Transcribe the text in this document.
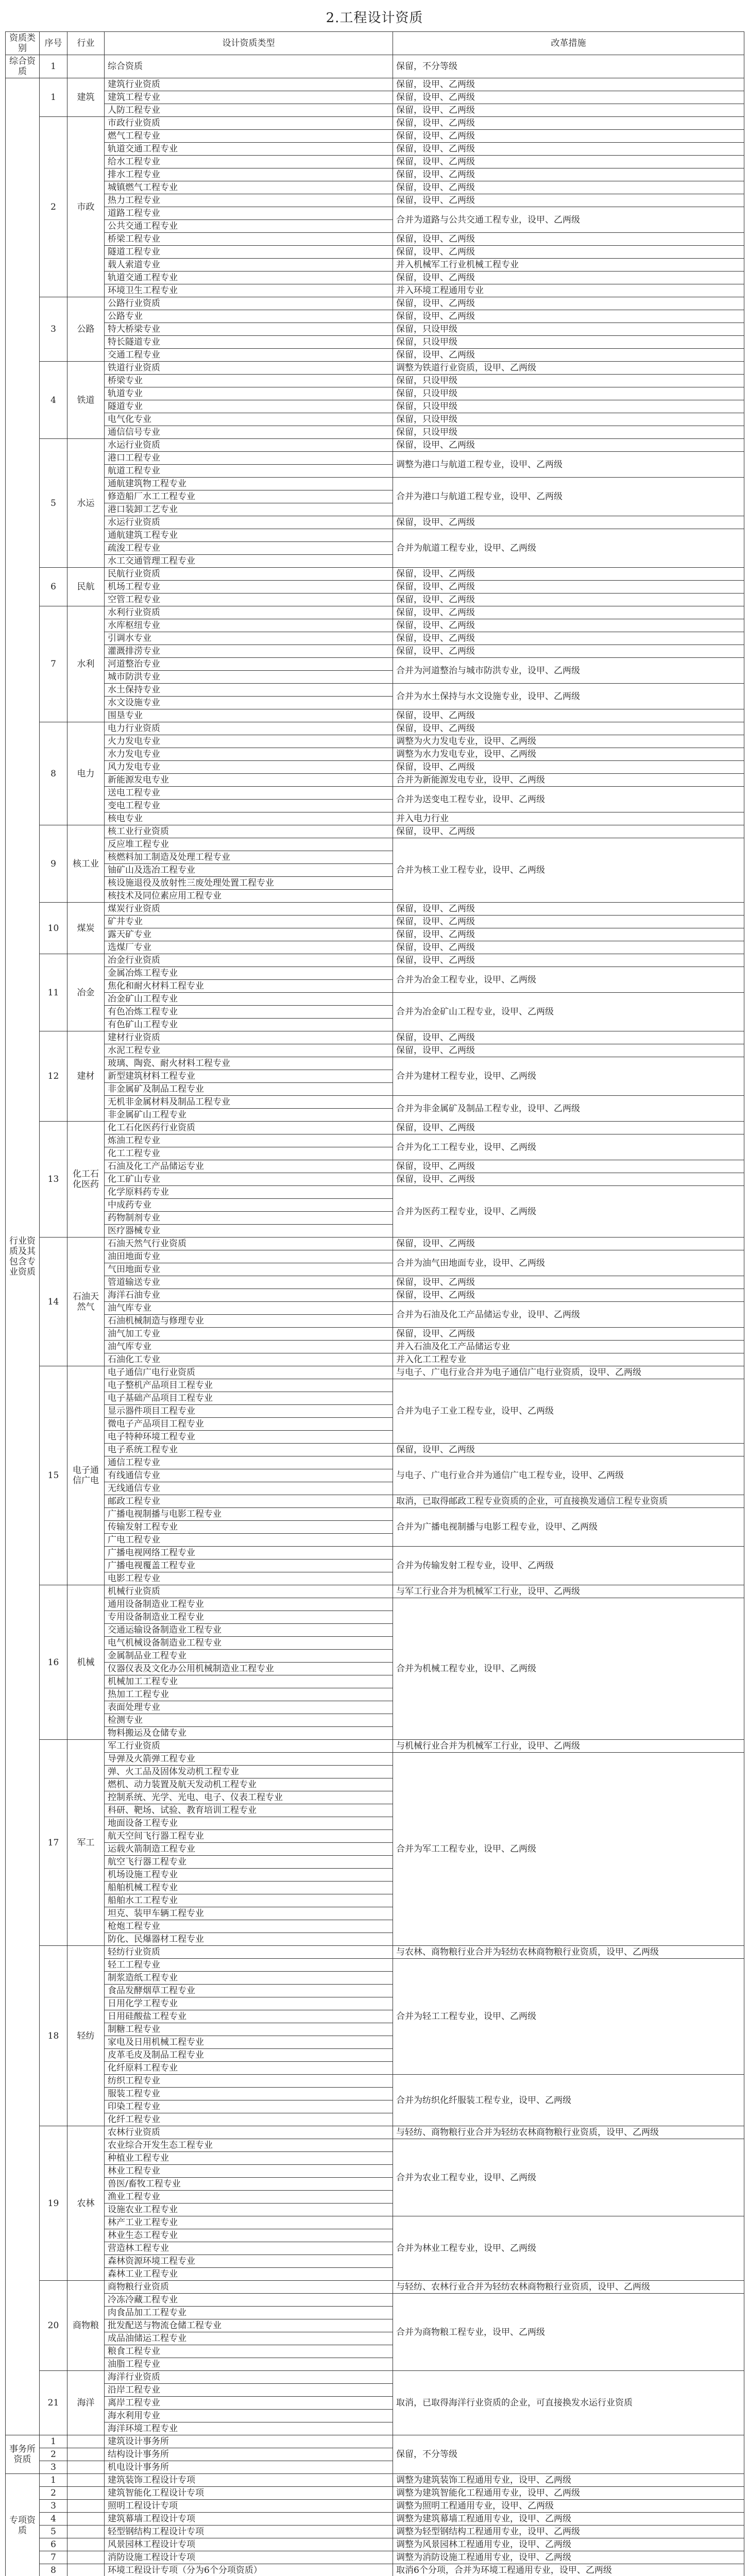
2.工程设计资质
资质类别	序号	行业	设计资质类型	改革措施
综合资质	1		综合资质	保留，不分等级
行业资质及其包含专业资质	1	建筑	建筑行业资质	保留，设甲、乙两级
			建筑工程专业	保留，设甲、乙两级
			人防工程专业	保留，设甲、乙两级
	2	市政	市政行业资质	保留，设甲、乙两级
			燃气工程专业	保留，设甲、乙两级
			轨道交通工程专业	保留，设甲、乙两级
			给水工程专业	保留，设甲、乙两级
			排水工程专业	保留，设甲、乙两级
			城镇燃气工程专业	保留，设甲、乙两级
			热力工程专业	保留，设甲、乙两级
			道路工程专业	合并为道路与公共交通工程专业，设甲、乙两级
			公共交通工程专业	
			桥梁工程专业	保留，设甲、乙两级
			隧道工程专业	保留，设甲、乙两级
			载人索道专业	并入机械军工行业机械工程专业
			轨道交通工程专业	保留，设甲、乙两级
			环境卫生工程专业	并入环境工程通用专业
	3	公路	公路行业资质	保留，设甲、乙两级
			公路专业	保留，设甲、乙两级
			特大桥梁专业	保留，只设甲级
			特长隧道专业	保留，只设甲级
			交通工程专业	保留，设甲、乙两级
	4	铁道	铁道行业资质	调整为铁道行业资质，设甲、乙两级
			桥梁专业	保留，只设甲级
			轨道专业	保留，只设甲级
			隧道专业	保留，只设甲级
			电气化专业	保留，只设甲级
			通信信号专业	保留，只设甲级
	5	水运	水运行业资质	保留，设甲、乙两级
			港口工程专业	调整为港口与航道工程专业，设甲、乙两级
			航道工程专业	
			通航建筑物工程专业	合并为港口与航道工程专业，设甲、乙两级
			修造船厂水工工程专业	
			港口装卸工艺专业	
			水运行业资质	保留，设甲、乙两级
			通航建筑工程专业	合并为航道工程专业，设甲、乙两级
			疏浚工程专业	
			水工交通管理工程专业	
	6	民航	民航行业资质	保留，设甲、乙两级
			机场工程专业	保留，设甲、乙两级
			空管工程专业	保留，设甲、乙两级
	7	水利	水利行业资质	保留，设甲、乙两级
			水库枢纽专业	保留，设甲、乙两级
			引调水专业	保留，设甲、乙两级
			灌溉排涝专业	保留，设甲、乙两级
			河道整治专业	合并为河道整治与城市防洪专业，设甲、乙两级
			城市防洪专业	
			水土保持专业	合并为水土保持与水文设施专业，设甲、乙两级
			水文设施专业	
			围垦专业	保留，设甲、乙两级
	8	电力	电力行业资质	保留，设甲、乙两级
			火力发电专业	调整为火力发电专业，设甲、乙两级
			水力发电专业	调整为水力发电专业，设甲、乙两级
			风力发电专业	保留，设甲、乙两级
			新能源发电专业	合并为新能源发电专业，设甲、乙两级
			送电工程专业	合并为送变电工程专业，设甲、乙两级
			变电工程专业	
			核电专业	并入电力行业
	9	核工业	核工业行业资质	保留，设甲、乙两级
			反应堆工程专业	合并为核工业工程专业，设甲、乙两级
			核燃料加工制造及处理工程专业	
			铀矿山及选冶工程专业	
			核设施退役及放射性三废处理处置工程专业	
			核技术及同位素应用工程专业	
	10	煤炭	煤炭行业资质	保留，设甲、乙两级
			矿井专业	保留，设甲、乙两级
			露天矿专业	保留，设甲、乙两级
			选煤厂专业	保留，设甲、乙两级
	11	冶金	冶金行业资质	保留，设甲、乙两级
			金属冶炼工程专业	合并为冶金工程专业，设甲、乙两级
			焦化和耐火材料工程专业	
			冶金矿山工程专业	合并为冶金矿山工程专业，设甲、乙两级
			有色冶炼工程专业	
			有色矿山工程专业	
	12	建材	建材行业资质	保留，设甲、乙两级
			水泥工程专业	保留，设甲、乙两级
			玻璃、陶瓷、耐火材料工程专业	合并为建材工程专业，设甲、乙两级
			新型建筑材料工程专业	
			非金属矿及制品工程专业	
			无机非金属材料及制品工程专业	合并为非金属矿及制品工程专业，设甲、乙两级
			非金属矿山工程专业	
	13	化工石化医药	化工石化医药行业资质	保留，设甲、乙两级
			炼油工程专业	合并为化工工程专业，设甲、乙两级
			化工工程专业	
			石油及化工产品储运专业	保留，设甲、乙两级
			化工矿山专业	保留，设甲、乙两级
			化学原料药专业	合并为医药工程专业，设甲、乙两级
			中成药专业	
			药物制剂专业	
			医疗器械专业	
	14	石油天然气	石油天然气行业资质	保留，设甲、乙两级
			油田地面专业	合并为油气田地面专业，设甲、乙两级
			气田地面专业	
			管道输送专业	保留，设甲、乙两级
			海洋石油专业	保留，设甲、乙两级
			油气库专业	合并为石油及化工产品储运专业，设甲、乙两级
			石油机械制造与修理专业	
			油气加工专业	保留，设甲、乙两级
			油气库专业	并入石油及化工产品储运专业
			石油化工专业	并入化工工程专业
	15	电子通信广电	电子通信广电行业资质	与电子、广电行业合并为电子通信广电行业资质，设甲、乙两级
			电子整机产品项目工程专业	合并为电子工业工程专业，设甲、乙两级
			电子基础产品项目工程专业	
			显示器件项目工程专业	
			微电子产品项目工程专业	
			电子特种环境工程专业	
			电子系统工程专业	保留，设甲、乙两级
			通信工程专业	与电子、广电行业合并为通信广电工程专业，设甲、乙两级
			有线通信专业	
			无线通信专业	
			邮政工程专业	取消，已取得邮政工程专业资质的企业，可直接换发通信工程专业资质
			广播电视制播与电影工程专业	合并为广播电视制播与电影工程专业，设甲、乙两级
			传输发射工程专业	
			广电工程专业	
			广播电视网络工程专业	合并为传输发射工程专业，设甲、乙两级
			广播电视覆盖工程专业	
			电影工程专业	
	16	机械	机械行业资质	与军工行业合并为机械军工行业，设甲、乙两级
			通用设备制造业工程专业	合并为机械工程专业，设甲、乙两级
			专用设备制造业工程专业	
			交通运输设备制造业工程专业	
			电气机械设备制造业工程专业	
			金属制品业工程专业	
			仪器仪表及文化办公用机械制造业工程专业	
			机械加工工程专业	
			热加工工程专业	
			表面处理专业	
			检测专业	
			物料搬运及仓储专业	
	17	军工	军工行业资质	与机械行业合并为机械军工行业，设甲、乙两级
			导弹及火箭弹工程专业	合并为军工工程专业，设甲、乙两级
			弹、火工品及固体发动机工程专业	
			燃机、动力装置及航天发动机工程专业	
			控制系统、光学、光电、电子、仪表工程专业	
			科研、靶场、试验、教育培训工程专业	
			地面设备工程专业	
			航天空间飞行器工程专业	
			运载火箭制造工程专业	
			航空飞行器工程专业	
			机场设施工程专业	
			船舶机械工程专业	
			船舶水工工程专业	
			坦克、装甲车辆工程专业	
			枪炮工程专业	
			防化、民爆器材工程专业	
	18	轻纺	轻纺行业资质	与农林、商物粮行业合并为轻纺农林商物粮行业资质，设甲、乙两级
			轻工工程专业	合并为轻工工程专业，设甲、乙两级
			制浆造纸工程专业	
			食品发酵烟草工程专业	
			日用化学工程专业	
			日用硅酸盐工程专业	
			制糖工程专业	
			家电及日用机械工程专业	
			皮革毛皮及制品工程专业	
			化纤原料工程专业	
			纺织工程专业	合并为纺织化纤服装工程专业，设甲、乙两级
			服装工程专业	
			印染工程专业	
			化纤工程专业	
	19	农林	农林行业资质	与轻纺、商物粮行业合并为轻纺农林商物粮行业资质，设甲、乙两级
			农业综合开发生态工程专业	合并为农业工程专业，设甲、乙两级
			种植业工程专业	
			林业工程专业	
			兽医/畜牧工程专业	
			渔业工程专业	
			设施农业工程专业	
			林产工业工程专业	合并为林业工程专业，设甲、乙两级
			林业生态工程专业	
			营造林工程专业	
			森林资源环境工程专业	
			森林工业工程专业	
	20	商物粮	商物粮行业资质	与轻纺、农林行业合并为轻纺农林商物粮行业资质，设甲、乙两级
			冷冻冷藏工程专业	合并为商物粮工程专业，设甲、乙两级
			肉食品加工工程专业	
			批发配送与物流仓储工程专业	
			成品油储运工程专业	
			粮食工程专业	
			油脂工程专业	
	21	海洋	海洋行业资质	取消，已取得海洋行业资质的企业，可直接换发水运行业资质
			沿岸工程专业	
			离岸工程专业	
			海水利用专业	
			海洋环境工程专业	
事务所资质	1		建筑设计事务所	保留，不分等级
	2		结构设计事务所	
	3		机电设计事务所	
专项资质	1		建筑装饰工程设计专项	调整为建筑装饰工程通用专业，设甲、乙两级
	2		建筑智能化工程设计专项	调整为建筑智能化工程通用专业，设甲、乙两级
	3		照明工程设计专项	调整为照明工程通用专业，设甲、乙两级
	4		建筑幕墙工程设计专项	调整为建筑幕墙工程通用专业，设甲、乙两级
	5		轻型钢结构工程设计专项	调整为轻型钢结构工程通用专业，设甲、乙两级
	6		风景园林工程设计专项	调整为风景园林工程通用专业，设甲、乙两级
	7		消防设施工程设计专项	调整为消防设施工程通用专业，设甲、乙两级
	8		环境工程设计专项（分为6个分项资质）	取消6个分项，合并为环境工程通用专业，设甲、乙两级
